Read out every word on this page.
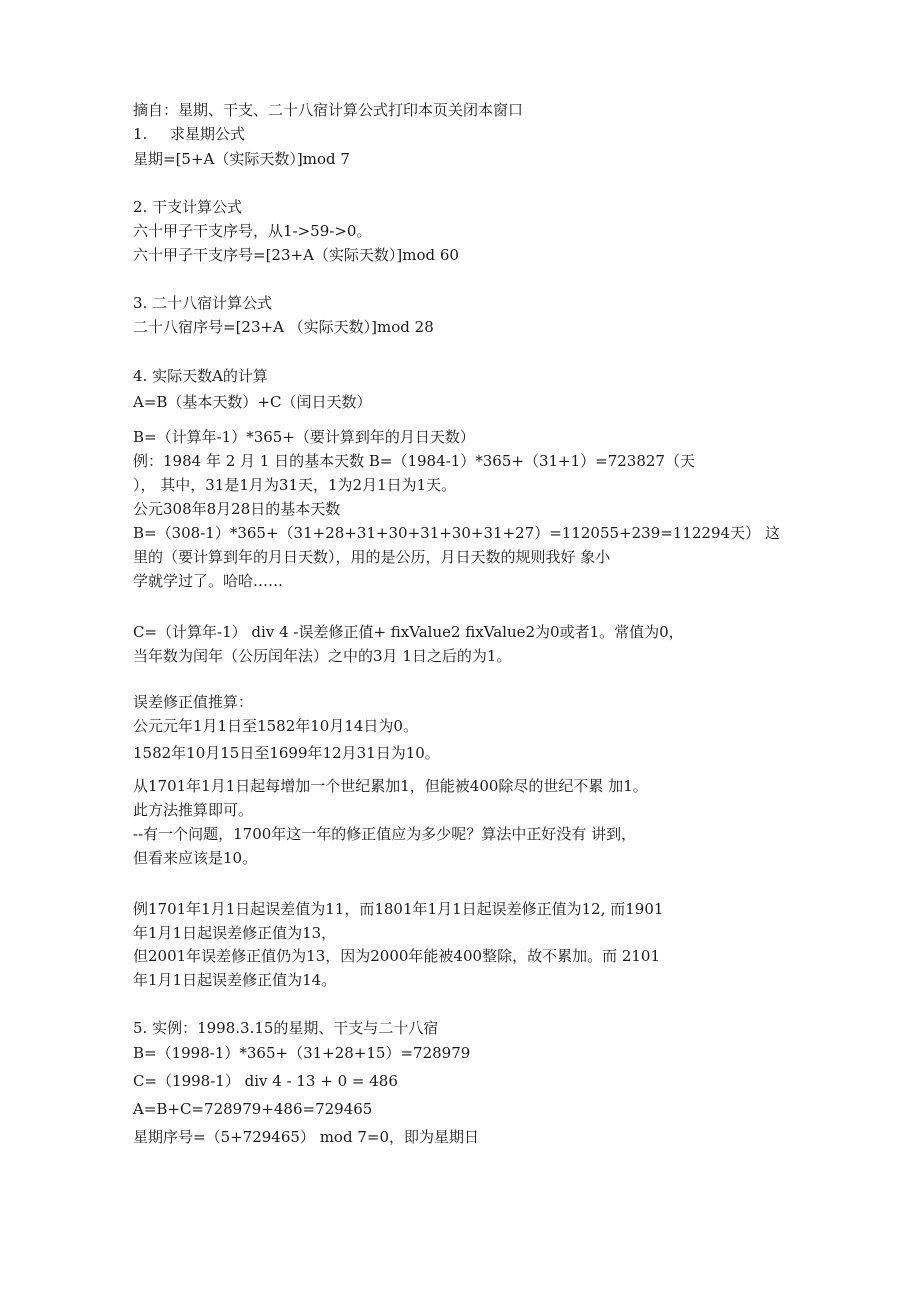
摘自：星期、干支、二十八宿计算公式打印本页关闭本窗口
1. 求星期公式
星期=[5+A（实际天数）]mod 7
2. 干支计算公式
六十甲子干支序号，从1->59->0。
六十甲子干支序号=[23+A（实际天数）]mod 60
3. 二十八宿计算公式
二十八宿序号=[23+A （实际天数）]mod 28
4. 实际天数A的计算
A=B（基本天数）+C（闰日天数）
B=（计算年-1）*365+（要计算到年的月日天数）
例：1984 年 2 月 1 日的基本天数 B=（1984-1）*365+（31+1）=723827（天
）， 其中，31是1月为31天，1为2月1日为1天。
公元308年8月28日的基本天数
B=（308-1）*365+（31+28+31+30+31+30+31+27）=112055+239=112294天） 这
里的（要计算到年的月日天数），用的是公历，月日天数的规则我好 象小
学就学过了。哈哈……
C=（计算年-1） div 4 -误差修正值+ fixValue2 fixValue2为0或者1。常值为0，
当年数为闰年（公历闰年法）之中的3月 1日之后的为1。
误差修正值推算：
公元元年1月1日至1582年10月14日为0。
1582年10月15日至1699年12月31日为10。
从1701年1月1日起每增加一个世纪累加1，但能被400除尽的世纪不累 加1。
此方法推算即可。
--有一个问题，1700年这一年的修正值应为多少呢？算法中正好没有 讲到，
但看来应该是10。
例1701年1月1日起误差值为11，而1801年1月1日起误差修正值为12, 而1901
年1月1日起误差修正值为13，
但2001年误差修正值仍为13，因为2000年能被400整除，故不累加。而 2101
年1月1日起误差修正值为14。
5. 实例：1998.3.15的星期、干支与二十八宿
B=（1998-1）*365+（31+28+15）=728979
C=（1998-1） div 4 - 13 + 0 = 486
A=B+C=728979+486=729465
星期序号=（5+729465） mod 7=0，即为星期日
